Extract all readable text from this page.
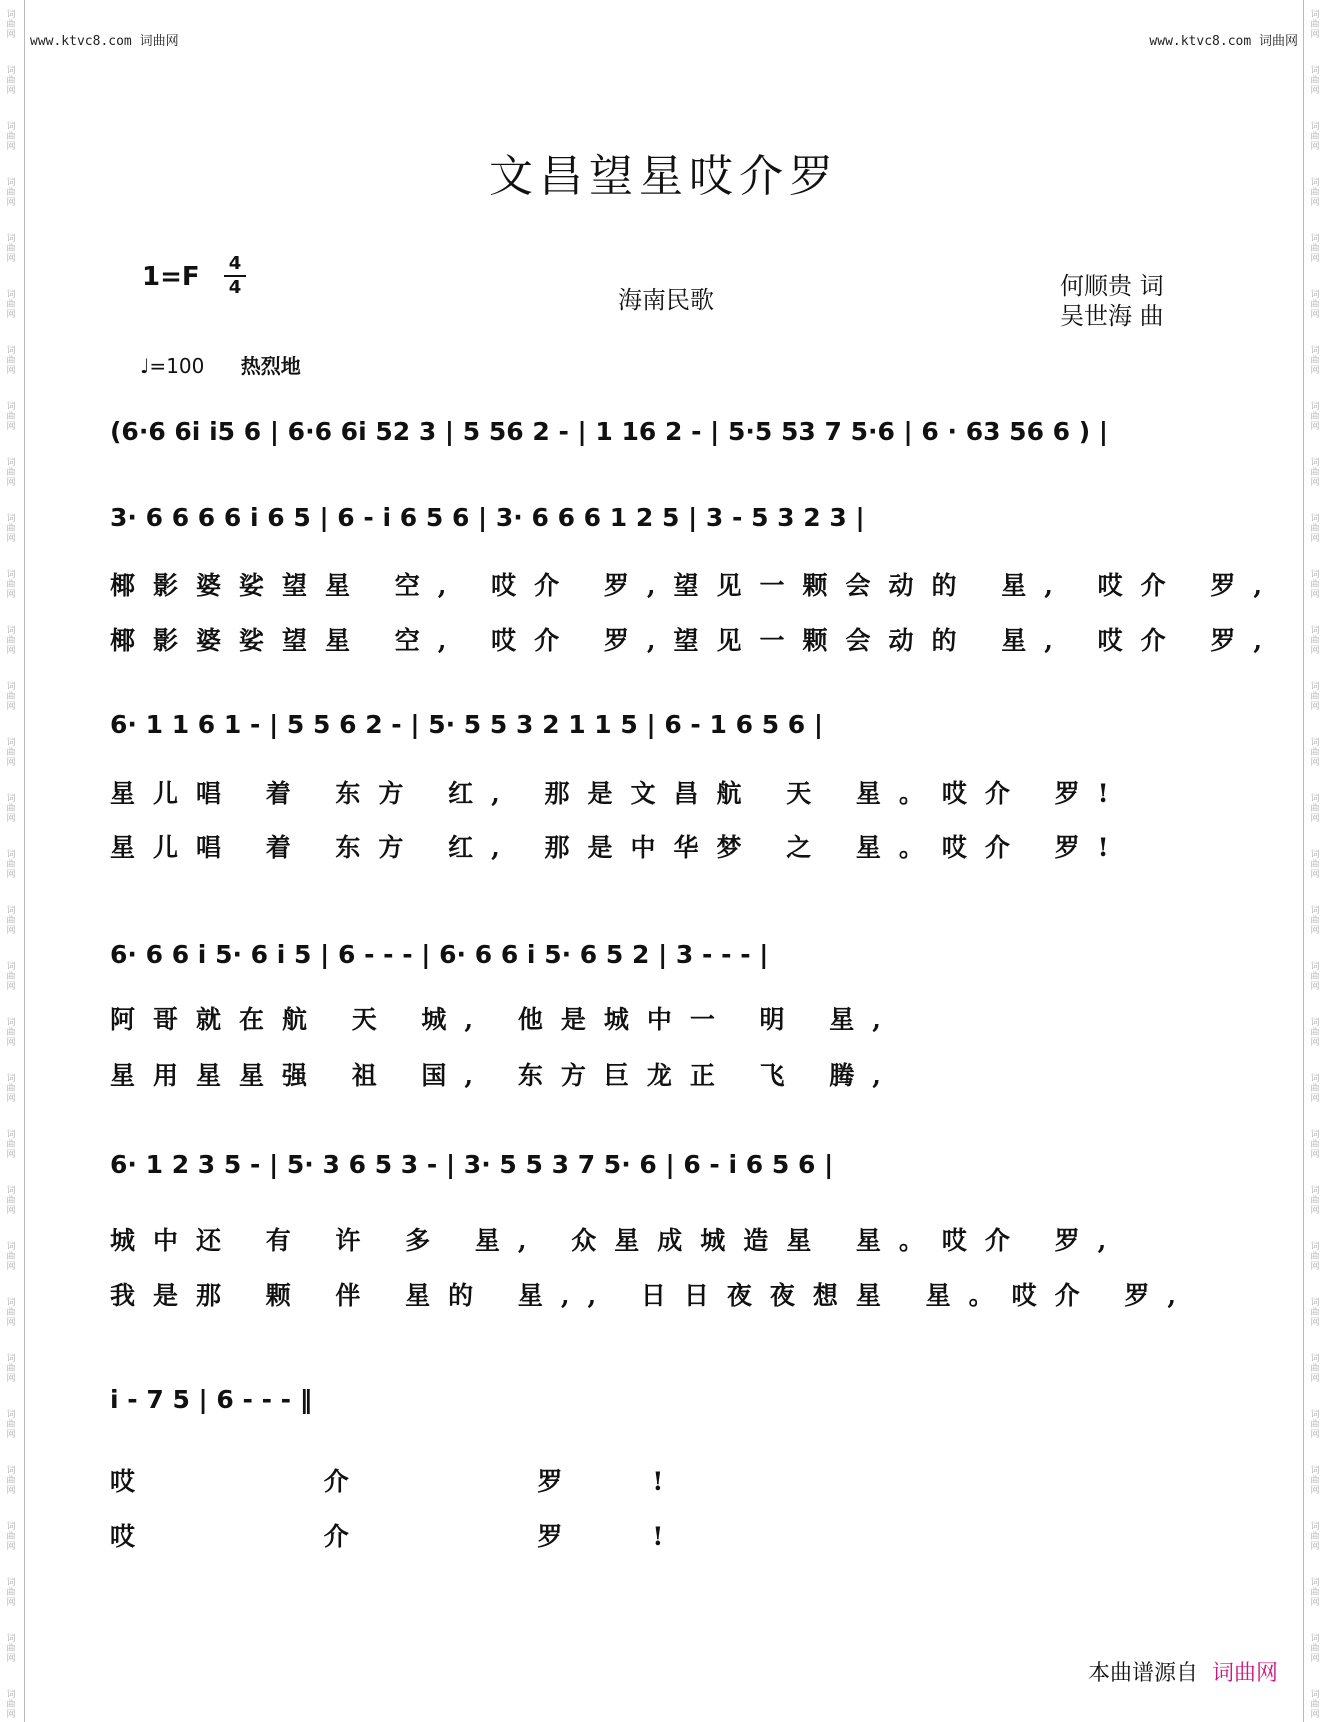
词
曲
网
词
曲
网
词
曲
网
词
曲
网
词
曲
网
词
曲
网
词
曲
网
词
曲
网
词
曲
网
词
曲
网
词
曲
网
词
曲
网
词
曲
网
词
曲
网
词
曲
网
词
曲
网
词
曲
网
词
曲
网
词
曲
网
词
曲
网
词
曲
网
词
曲
网
词
曲
网
词
曲
网
词
曲
网
词
曲
网
词
曲
网
词
曲
网
词
曲
网
词
曲
网
词
曲
网
词
曲
网
词
曲
网
词
曲
网
词
曲
网
词
曲
网
词
曲
网
词
曲
网
词
曲
网
词
曲
网
词
曲
网
词
曲
网
词
曲
网
词
曲
网
词
曲
网
词
曲
网
词
曲
网
词
曲
网
词
曲
网
词
曲
网
词
曲
网
词
曲
网
词
曲
网
词
曲
网
词
曲
网
词
曲
网
词
曲
网
词
曲
网
词
曲
网
词
曲
网
词
曲
网
词
曲
网
www.ktvc8.com 词曲网	www.ktvc8.com 词曲网
文昌望星哎介罗
1=F 4
4	海南民歌	何顺贵 词
吴世海 曲
♩=100 热烈地
(6·6 6i i5 6 | 6·6 6i 52 3 | 5 56 2 - | 1 16 2 - | 5·5 53 7 5·6 | 6 · 63 56 6 ) |
3· 6 6 6 6 i 6 5 | 6 - i 6 5 6 | 3· 6 6 6 1 2 5 | 3 - 5 3 2 3 |
椰影婆娑望星 空, 哎介 罗,望见一颗会动的 星, 哎介 罗,
椰影婆娑望星 空, 哎介 罗,望见一颗会动的 星, 哎介 罗,
6· 1 1 6 1 - | 5 5 6 2 - | 5· 5 5 3 2 1 1 5 | 6 - 1 6 5 6 |
星儿唱 着 东方 红, 那是文昌航 天 星。哎介 罗!
星儿唱 着 东方 红, 那是中华梦 之 星。哎介 罗!
6· 6 6 i 5· 6 i 5 | 6 - - - | 6· 6 6 i 5· 6 5 2 | 3 - - - |
阿哥就在航 天 城, 他是城中一 明 星,
星用星星强 祖 国, 东方巨龙正 飞 腾,
6· 1 2 3 5 - | 5· 3 6 5 3 - | 3· 5 5 3 7 5· 6 | 6 - i 6 5 6 |
城中还 有 许 多 星, 众星成城造星 星。哎介 罗,
我是那 颗 伴 星的 星,, 日日夜夜想星 星。哎介 罗,
i - 7 5 | 6 - - - ‖
哎 介 罗!
哎 介 罗!
本曲谱源自 词曲网
